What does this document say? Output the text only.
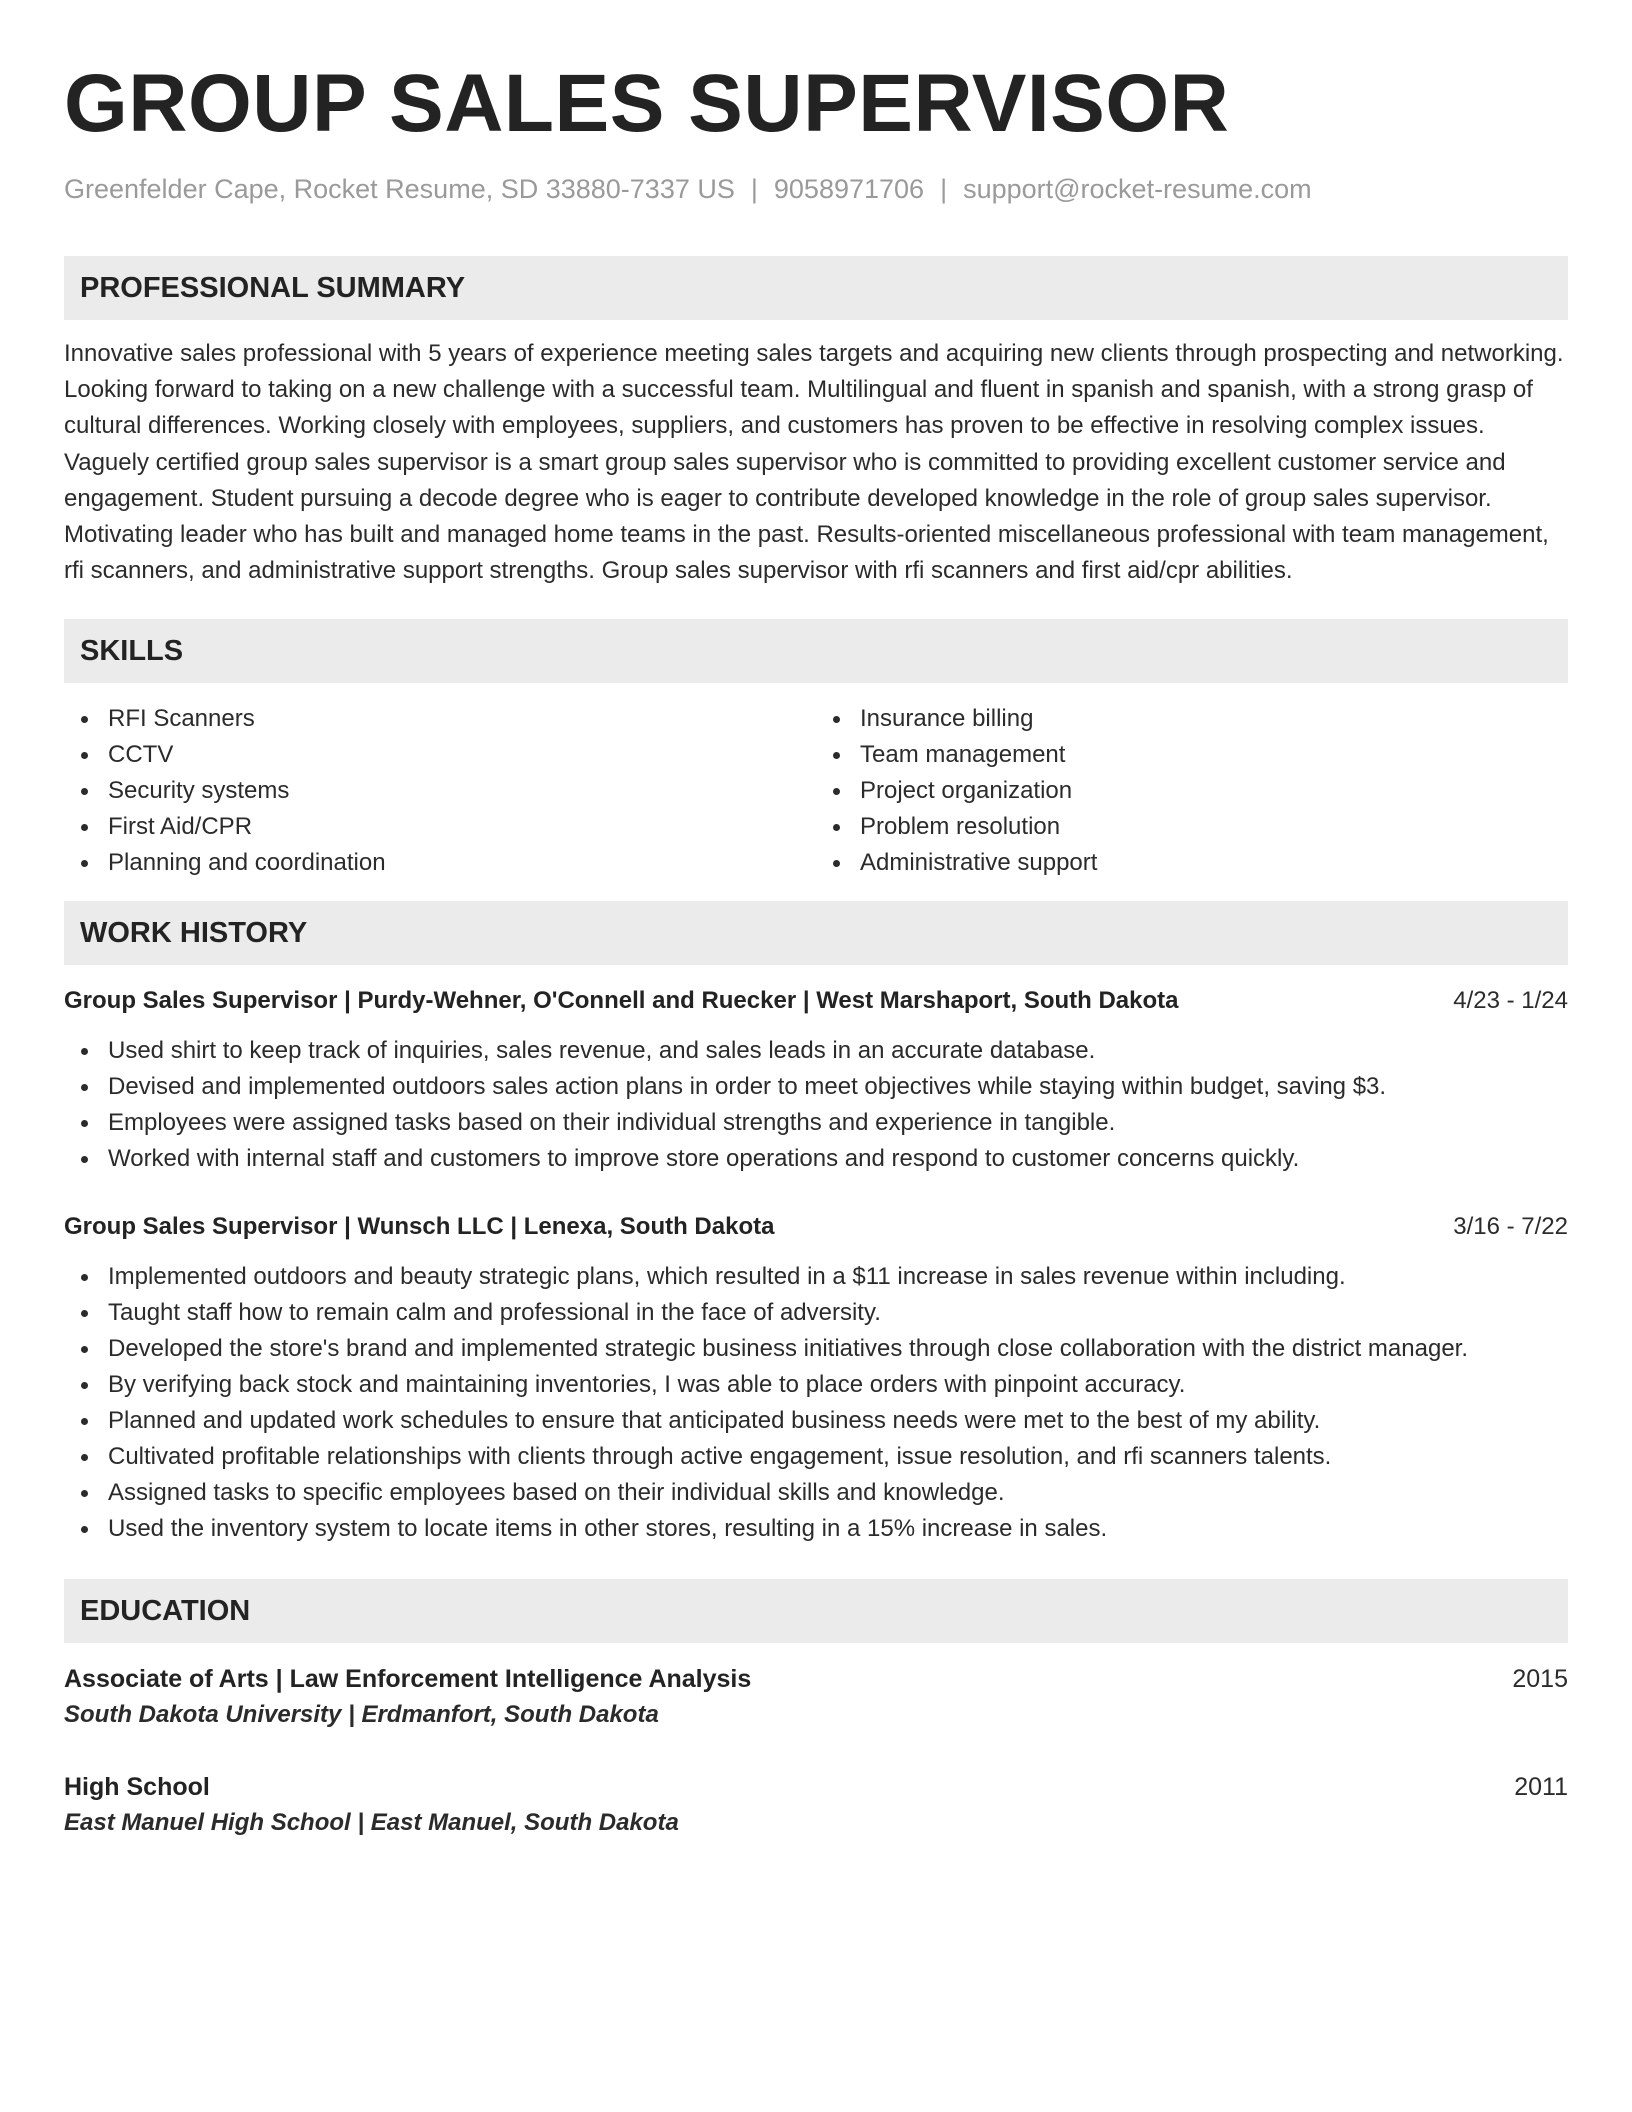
GROUP SALES SUPERVISOR
Greenfelder Cape, Rocket Resume, SD 33880-7337 US | 9058971706 | support@rocket-resume.com
PROFESSIONAL SUMMARY
Innovative sales professional with 5 years of experience meeting sales targets and acquiring new clients through prospecting and networking. Looking forward to taking on a new challenge with a successful team. Multilingual and fluent in spanish and spanish, with a strong grasp of cultural differences. Working closely with employees, suppliers, and customers has proven to be effective in resolving complex issues. Vaguely certified group sales supervisor is a smart group sales supervisor who is committed to providing excellent customer service and engagement. Student pursuing a decode degree who is eager to contribute developed knowledge in the role of group sales supervisor. Motivating leader who has built and managed home teams in the past. Results-oriented miscellaneous professional with team management, rfi scanners, and administrative support strengths. Group sales supervisor with rfi scanners and first aid/cpr abilities.
SKILLS
RFI Scanners
CCTV
Security systems
First Aid/CPR
Planning and coordination
Insurance billing
Team management
Project organization
Problem resolution
Administrative support
WORK HISTORY
Group Sales Supervisor | Purdy-Wehner, O'Connell and Ruecker | West Marshaport, South Dakota	4/23 - 1/24
Used shirt to keep track of inquiries, sales revenue, and sales leads in an accurate database.
Devised and implemented outdoors sales action plans in order to meet objectives while staying within budget, saving $3.
Employees were assigned tasks based on their individual strengths and experience in tangible.
Worked with internal staff and customers to improve store operations and respond to customer concerns quickly.
Group Sales Supervisor | Wunsch LLC | Lenexa, South Dakota	3/16 - 7/22
Implemented outdoors and beauty strategic plans, which resulted in a $11 increase in sales revenue within including.
Taught staff how to remain calm and professional in the face of adversity.
Developed the store's brand and implemented strategic business initiatives through close collaboration with the district manager.
By verifying back stock and maintaining inventories, I was able to place orders with pinpoint accuracy.
Planned and updated work schedules to ensure that anticipated business needs were met to the best of my ability.
Cultivated profitable relationships with clients through active engagement, issue resolution, and rfi scanners talents.
Assigned tasks to specific employees based on their individual skills and knowledge.
Used the inventory system to locate items in other stores, resulting in a 15% increase in sales.
EDUCATION
Associate of Arts | Law Enforcement Intelligence Analysis	2015
South Dakota University | Erdmanfort, South Dakota
High School	2011
East Manuel High School | East Manuel, South Dakota
